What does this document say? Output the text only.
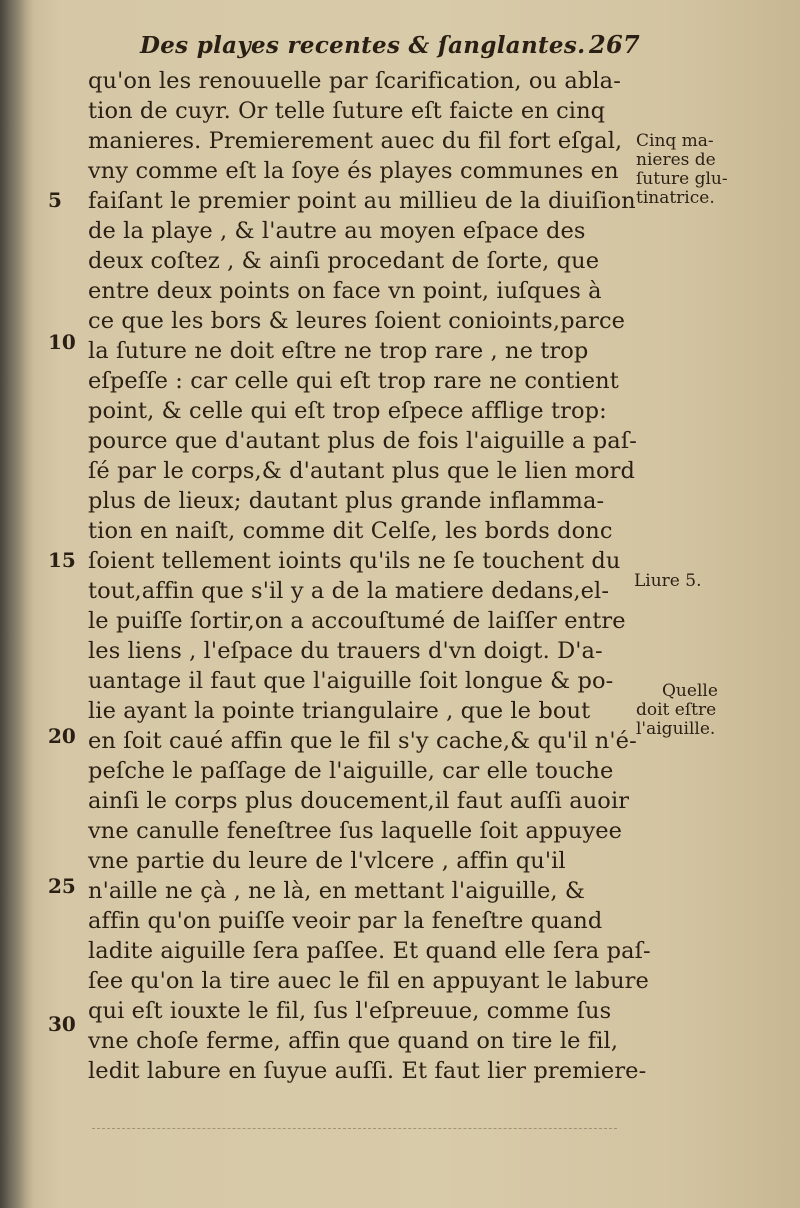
Des playes recentes & ſanglantes. 267
qu'on les renouuelle par ſcarification, ou abla-
tion de cuyr. Or telle ſuture eſt faicte en cinq
manieres. Premierement auec du fil fort eſgal,
vny comme eſt la ſoye és playes communes en
faiſant le premier point au millieu de la diuiſion
de la playe , & l'autre au moyen eſpace des
deux coſtez , & ainſi procedant de ſorte, que
entre deux points on face vn point, iuſques à
ce que les bors & leures ſoient conioints,parce
la ſuture ne doit eſtre ne trop rare , ne trop
eſpeſſe : car celle qui eſt trop rare ne contient
point, & celle qui eſt trop eſpece afflige trop:
pource que d'autant plus de fois l'aiguille a paſ-
ſé par le corps,& d'autant plus que le lien mord
plus de lieux; dautant plus grande inflamma-
tion en naiſt, comme dit Celſe, les bords donc
ſoient tellement ioints qu'ils ne ſe touchent du
tout,affin que s'il y a de la matiere dedans,el-
le puiſſe ſortir,on a accouſtumé de laiſſer entre
les liens , l'eſpace du trauers d'vn doigt. D'a-
uantage il faut que l'aiguille ſoit longue & po-
lie ayant la pointe triangulaire , que le bout
en ſoit caué affin que le fil s'y cache,& qu'il n'é-
peſche le paſſage de l'aiguille, car elle touche
ainſi le corps plus doucement,il faut auſſi auoir
vne canulle feneſtree ſus laquelle ſoit appuyee
vne partie du leure de l'vlcere , affin qu'il
n'aille ne çà , ne là, en mettant l'aiguille, &
affin qu'on puiſſe veoir par la feneſtre quand
ladite aiguille ſera paſſee. Et quand elle ſera paſ-
ſee qu'on la tire auec le fil en appuyant le labure
qui eſt iouxte le fil, ſus l'eſpreuue, comme ſus
vne choſe ferme, affin que quand on tire le fil,
ledit labure en ſuyue auſſi. Et faut lier premiere-
5
10
15
20
25
30
Cinq ma-
nieres de
ſuture glu-
tinatrice.
Liure 5.
Quelle
doit eſtre
l'aiguille.
